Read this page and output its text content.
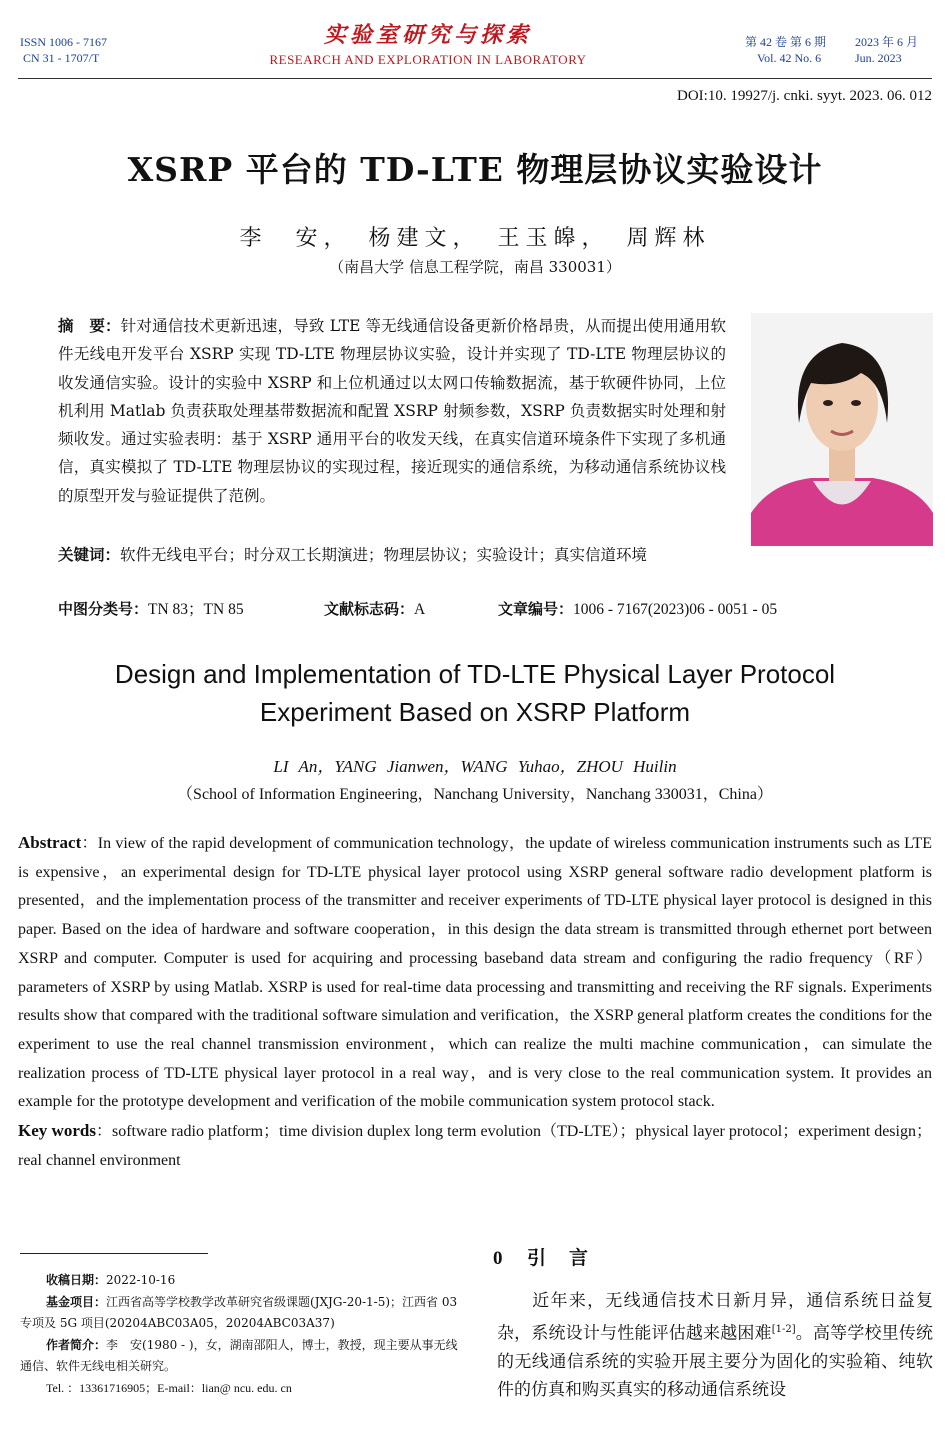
ISSN 1006 - 7167
CN 31 - 1707/T
实验室研究与探索
RESEARCH AND EXPLORATION IN LABORATORY
第 42 卷 第 6 期 2023 年 6 月
Vol. 42 No. 6	Jun. 2023
DOI:10. 19927/j. cnki. syyt. 2023. 06. 012
XSRP 平台的 TD-LTE 物理层协议实验设计
李　安，　杨建文，　王玉皞，　周辉林
（南昌大学 信息工程学院，南昌 330031）
摘　要：针对通信技术更新迅速，导致 LTE 等无线通信设备更新价格昂贵，从而提出使用通用软件无线电开发平台 XSRP 实现 TD-LTE 物理层协议实验，设计并实现了 TD-LTE 物理层协议的收发通信实验。设计的实验中 XSRP 和上位机通过以太网口传输数据流，基于软硬件协同，上位机利用 Matlab 负责获取处理基带数据流和配置 XSRP 射频参数，XSRP 负责数据实时处理和射频收发。通过实验表明：基于 XSRP 通用平台的收发天线，在真实信道环境条件下实现了多机通信，真实模拟了 TD-LTE 物理层协议的实现过程，接近现实的通信系统，为移动通信系统协议栈的原型开发与验证提供了范例。
关键词：软件无线电平台；时分双工长期演进；物理层协议；实验设计；真实信道环境
中图分类号：TN 83；TN 85	文献标志码：A	文章编号：1006 - 7167(2023)06 - 0051 - 05
Design and Implementation of TD-LTE Physical Layer Protocol
Experiment Based on XSRP Platform
LI An，YANG Jianwen，WANG Yuhao，ZHOU Huilin
（School of Information Engineering，Nanchang University，Nanchang 330031，China）
Abstract：In view of the rapid development of communication technology，the update of wireless communication instruments such as LTE is expensive，an experimental design for TD-LTE physical layer protocol using XSRP general software radio development platform is presented，and the implementation process of the transmitter and receiver experiments of TD-LTE physical layer protocol is designed in this paper. Based on the idea of hardware and software cooperation，in this design the data stream is transmitted through ethernet port between XSRP and computer. Computer is used for acquiring and processing baseband data stream and configuring the radio frequency（RF）parameters of XSRP by using Matlab. XSRP is used for real-time data processing and transmitting and receiving the RF signals. Experiments results show that compared with the traditional software simulation and verification，the XSRP general platform creates the conditions for the experiment to use the real channel transmission environment，which can realize the multi machine communication，can simulate the realization process of TD-LTE physical layer protocol in a real way，and is very close to the real communication system. It provides an example for the prototype development and verification of the mobile communication system protocol stack.
Key words：software radio platform；time division duplex long term evolution（TD-LTE）；physical layer protocol；experiment design；real channel environment

收稿日期：2022-10-16

基金项目：江西省高等学校教学改革研究省级课题(JXJG-20-1-5)；江西省 03 专项及 5G 项目(20204ABC03A05，20204ABC03A37)

作者简介：李　安(1980 - )，女，湖南邵阳人，博士，教授，现主要从事无线通信、软件无线电相关研究。

Tel. ：13361716905；E-mail：lian@ ncu. edu. cn

0 引　言
近年来，无线通信技术日新月异，通信系统日益复杂，系统设计与性能评估越来越困难[1-2]。高等学校里传统的无线通信系统的实验开展主要分为固化的实验箱、纯软件的仿真和购买真实的移动通信系统设
